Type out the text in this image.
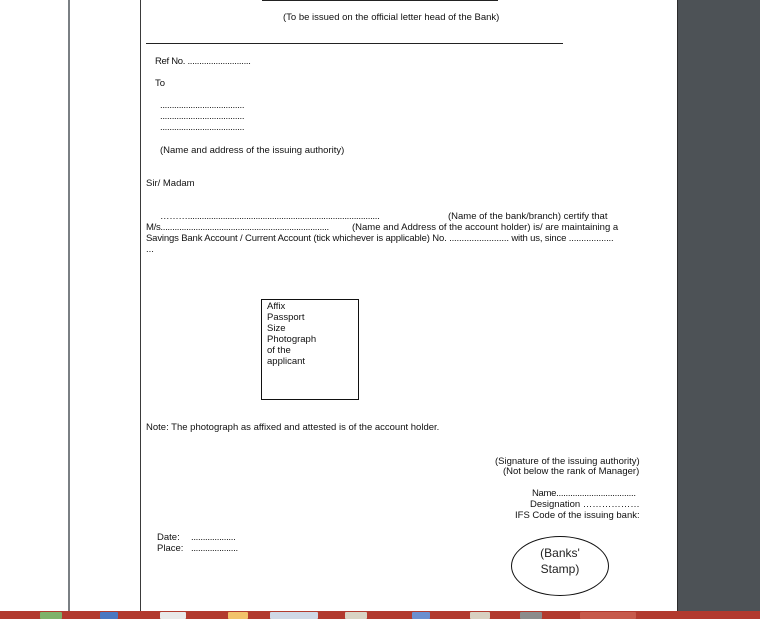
(To be issued on the official letter head of the Bank)
Ref No. ...........................
To
....................................
....................................
....................................
(Name and address of the issuing authority)
Sir/ Madam
………..................................................................................	(Name of the bank/branch) certify that
M/s........................................................................ (Name and Address of the account holder) is/ are maintaining a
Savings Bank Account / Current Account (tick whichever is applicable) No. ........................ with us, since ..................
...
Affix
Passport
Size
Photograph
of the
applicant
Note: The photograph as affixed and attested is of the account holder.
(Signature of the issuing authority)
(Not below the rank of Manager)
Name..................................
Designation ………………
IFS Code of the issuing bank:
Date: ...................
Place: ....................	(Banks'
Stamp)
